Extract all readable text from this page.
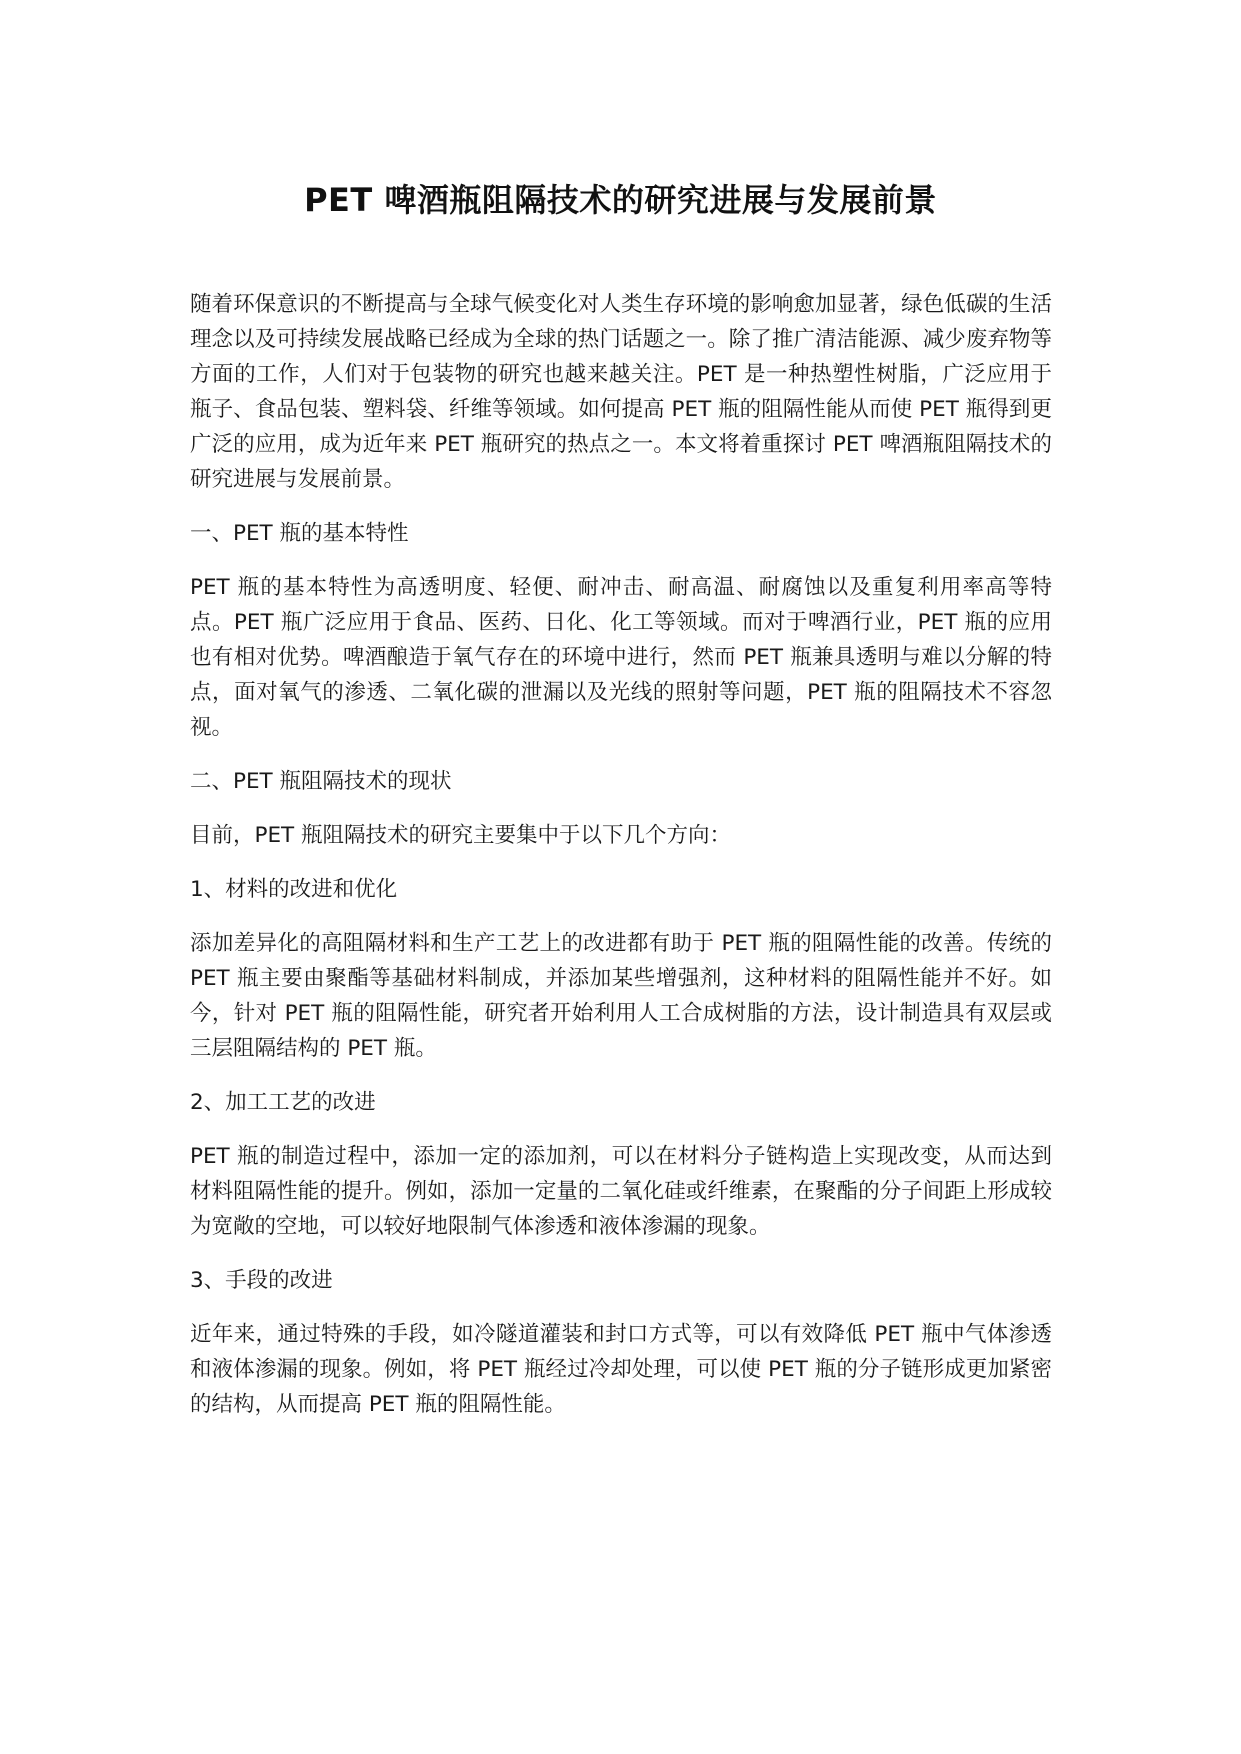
PET 啤酒瓶阻隔技术的研究进展与发展前景

随着环保意识的不断提高与全球气候变化对人类生存环境的影响愈加显著，绿色低碳的生活理念以及可持续发展战略已经成为全球的热门话题之一。除了推广清洁能源、减少废弃物等方面的工作，人们对于包装物的研究也越来越关注。PET 是一种热塑性树脂，广泛应用于瓶子、食品包装、塑料袋、纤维等领域。如何提高 PET 瓶的阻隔性能从而使 PET 瓶得到更广泛的应用，成为近年来 PET 瓶研究的热点之一。本文将着重探讨 PET 啤酒瓶阻隔技术的研究进展与发展前景。

一、PET 瓶的基本特性

PET 瓶的基本特性为高透明度、轻便、耐冲击、耐高温、耐腐蚀以及重复利用率高等特点。PET 瓶广泛应用于食品、医药、日化、化工等领域。而对于啤酒行业，PET 瓶的应用也有相对优势。啤酒酿造于氧气存在的环境中进行，然而 PET 瓶兼具透明与难以分解的特点，面对氧气的渗透、二氧化碳的泄漏以及光线的照射等问题，PET 瓶的阻隔技术不容忽视。

二、PET 瓶阻隔技术的现状

目前，PET 瓶阻隔技术的研究主要集中于以下几个方向：

1、材料的改进和优化

添加差异化的高阻隔材料和生产工艺上的改进都有助于 PET 瓶的阻隔性能的改善。传统的 PET 瓶主要由聚酯等基础材料制成，并添加某些增强剂，这种材料的阻隔性能并不好。如今，针对 PET 瓶的阻隔性能，研究者开始利用人工合成树脂的方法，设计制造具有双层或三层阻隔结构的 PET 瓶。

2、加工工艺的改进

PET 瓶的制造过程中，添加一定的添加剂，可以在材料分子链构造上实现改变，从而达到材料阻隔性能的提升。例如，添加一定量的二氧化硅或纤维素，在聚酯的分子间距上形成较为宽敞的空地，可以较好地限制气体渗透和液体渗漏的现象。

3、手段的改进

近年来，通过特殊的手段，如冷隧道灌装和封口方式等，可以有效降低 PET 瓶中气体渗透和液体渗漏的现象。例如，将 PET 瓶经过冷却处理，可以使 PET 瓶的分子链形成更加紧密的结构，从而提高 PET 瓶的阻隔性能。
